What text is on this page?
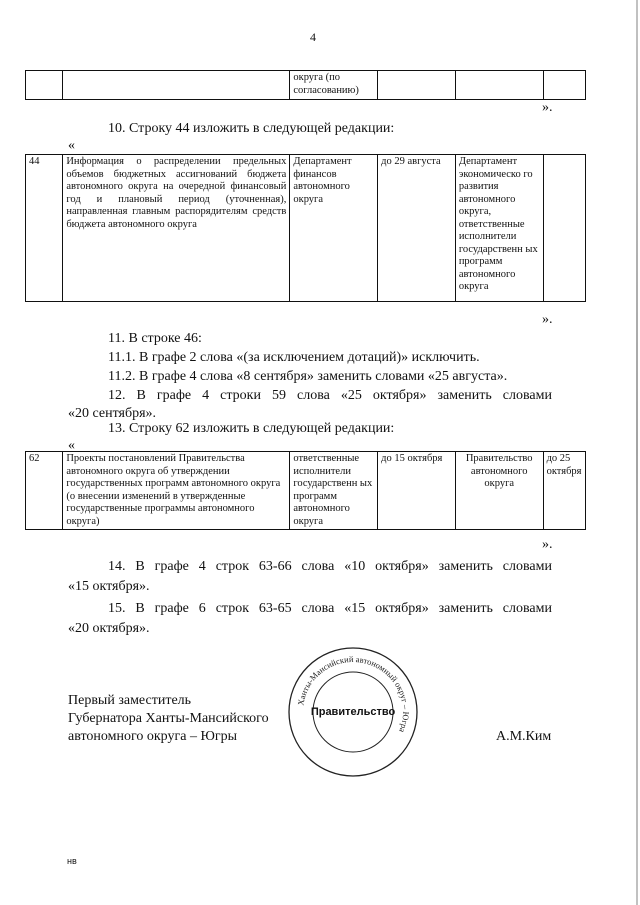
4
		округа (по согласованию)			
».
10. Строку 44 изложить в следующей редакции:
«
44	Информация о распределении предельных объемов бюджетных ассигнований бюджета автономного округа на очередной финансовый год и плановый период (уточненная), направленная главным распорядителям средств бюджета автономного округа	Департамент финансов автономного округа	до 29 августа	Департамент экономическо го развития автономного округа, ответственные исполнители государственн ых программ автономного округа	
».
11. В строке 46:
11.1. В графе 2 слова «(за исключением дотаций)» исключить.
11.2. В графе 4 слова «8 сентября» заменить словами «25 августа».
12. В графе 4 строки 59 слова «25 октября» заменить словами
«20 сентября».
13. Строку 62 изложить в следующей редакции:
«
62	Проекты постановлений Правительства автономного округа об утверждении государственных программ автономного округа (о внесении изменений в утвержденные государственные программы автономного округа)	ответственные исполнители государственн ых программ автономного округа	до 15 октября	Правительство автономного округа	до 25 октября
».
14. В графе 4 строк 63-66 слова «10 октября» заменить словами
«15 октября».
15. В графе 6 строк 63-65 слова «15 октября» заменить словами
«20 октября».
Первый заместитель
Губернатора Ханты-Мансийского
автономного округа – Югры	А.М.Ким
Ханты-Мансийский автономный округ – Югра
Правительство
нв
